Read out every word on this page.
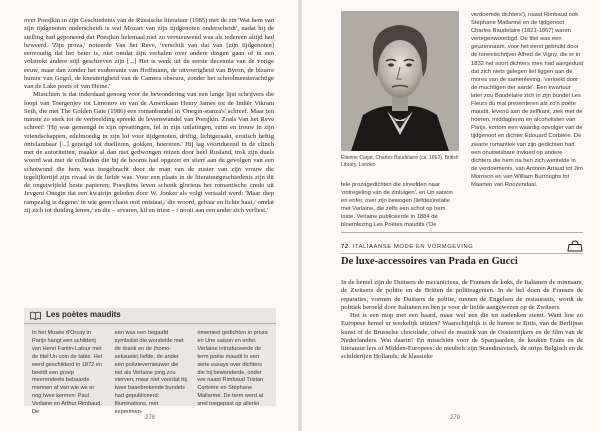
over Poesjkin in zijn Geschiedenis van de Russische literatuur (1985) met de zin 'Wat hem van zijn tijdgenoten onderscheidt is wat Mozart van zijn tijdgenoten onderscheidt', nadat hij de stelling had geponeerd dat Poesjkin helemaal niet zo vernieuwend was als iedereen altijd had beweerd. 'Zijn proza,' noteerde Van het Reve, 'verschilt van dat van [zijn tijdgenoten] eenvoudig dat het beter is, niet omdat zijn verhalen over andere dingen gaan of in een volstrekt andere stijl geschreven zijn [...] Het is werk uit de eerste decennia van de vorige eeuw, maar dan zonder het exuberante van Hoffmann, de uitvoerigheid van Byron, de bizarre humor van Gogol, de kneuterigheid van de Camera obscura, zonder het schoolmeesterachtige van de Lake poets of van Heine.'

Misschien is dat inderdaad genoeg voor de bewondering van een lange lijst schrijvers die loopt van Toergenjev tot Limonov en van de Amerikaan Henry James tot de Indiër Vikram Seth, die met The Golden Gate (1986) een romanbundel in 'Onegin-stanza's' schreef. Maar ten minste zo sterk tot de verbeelding spreekt de levenswandel van Poesjkin. Zoals Van het Reve schreef: 'Hij was gemengd in zijn opvattingen, fel in zijn uitlatingen, ruim en trouw in zijn vriendschappen, edelmoedig in zijn lof voor tijdgenoten, driftig, lichtgeraakt, erotisch heftig ontvlambaar [...] geneigd tot duelleren, gokken, hoereren.' Hij lag voortdurend in de clinch met de autoriteiten, maakte al dan niet gedwongen reizen door heel Rusland, trok zijn duels woord wat met de collieden die hij de hoorns had opgezet en stierf aan de gevolgen van een schotwond die hem was toegebracht door de man van de zuster van zijn vrouw die tegelijkertijd zijn rivaal in de liefde was. Voor een plaats in de literatuurgeschiedenis zijn dit de ongetwijfeld beste papieren; Poesjkins leven schonk glorieus het romantische credo uit Jevgeni Onegin dat een kwatrijn geleden door W. Jonker als volgt vertaald werd: 'Maar diep rampzalig is degene/ in wie geen chaos ooit ontstaat,/ die woord, gebaar en lichte haat,/ omdat zij zich tot duiding lenen,/ en die – ervaren, kil en triest – / nooit aan een ander zich verliest.'

Les poètes maudits
In het Musée d'Orsay in Parijs hangt een schilderij van Henri Fantin-Latour met de titel Un coin de table. Het werd geschilderd in 1872 en beeldt een groep meerendeels bebaarde mannen af van wie we er nog twee kennen: Paul Verlaine en Arthur Rimbaud. De
een was een begaafd symbolist die worstelde met de drank en de (homo-seksuele) liefde, de ander een poëzievernieuwer die net als Verlaine jong zou sterven, maar niet voordat hij twee baanbrekende bundels had gepubliceerd: Illuminations, met experimen-
rimenteel gedichten in proza en Une saison en enfer. Verlaine introduceerde de term poète maudit in een serie essays over dichters die hij bewonderde, onder wie naast Rimbaud Tristan Corbière en Stéphane Mallarmé. De term werd al snel toegepast op allerlei
278
Étienne Carjat, Charles Baudelaire (ca. 1862), British Library, Londen
verdoemde dichters'), naast Rimbaud ook Stéphane Mallarmé en de tijdgenoot Charles Baudelaire (1821-1867) waren vertegenwoordigd. De titel was een geuzennaam, voor het eerst gebruikt door de toneelschrijver Alfred de Vigny, die er in 1832 het soort dichters mee had aangeduid dat zich niets gelegen liet liggen aan de mores van de samenleving, 'verloekt door de machtigen der aarde'. Een kwartuur later zou Baudelaire zich in zijn bundel Les Fleurs du mal presenteren als zo'n poète maudit, levend aan de zelfkant, ziek met de hoeren, middagleren en alcoholisten van Parijs, kortom een waardig opvolger van de tijdgenoot en dichter Édouard Corbière. De zwarte romantiek van zijn gedichten had een onuitwisbare invloed op andere dichters die hem na hen zich wentelde in de verdoemenis, van Antonin Artaud tot Jim Morrison en van William Burroughs tot Maarten van Roozendaal.
tele prozagedichten die streefden naar 'ontregeling van de zintuigen', en Un saison en enfer, over zijn bewogen (liefdes)relatie met Verlaine, die zelfs een schot op hem loste. Verlaine publiceerde in 1884 de bloemlezing Les Poètes maudits ('De
72 ITALIAANSE MODE EN VORMGEVING
De luxe-accessoires van Prada en Gucci

In de hemel zijn de Duitsers de mecaniciens, de Fransen de koks, de Italianen de minnaars, de Zwitsers de politie en de Britten de politieagenten. In de hel doen de Fransen de reparaties, vormen de Duitsers de politie, runnen de Engelsen de restaurants, wordt de politiek beroeld door Italianen en ben je voor de liefde aangewezen op de Zwitsers.

Het is een mop met een baard, maar wel een die tot nadenken stemt. Want hoe zo Europese hemel er werkelijk uitzien? Waarschijnlijk is de humor te Brits, van de Berlijnse kunst of de Brusselse chocolade, ofwel de muziek van de Oostenrijkers en de film van de Nederlanders. Wat daarin? En misschien voor de Spanjaarden, de keuken Frans en de literatuur lers of Midden-Europees: de meubels zijn Scandinavisch, de strips Belgisch en de schilderijen Hollands; de klassieke

279
